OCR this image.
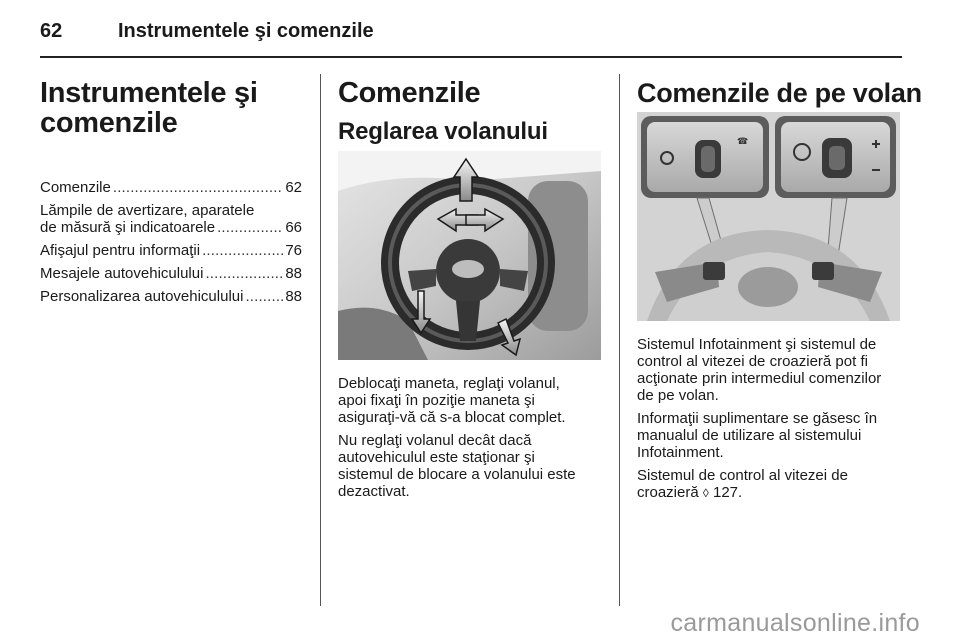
62	Instrumentele şi comenzile
Instrumentele şi
comenzile
Comenzile . . .	62
Lămpile de avertizare, aparatele
de măsură şi indicatoarele . . .	66
Afişajul pentru informaţii . . .	76
Mesajele autovehiculului . . .	88
Personalizarea autovehiculului . . .	88
Comenzile
Reglarea volanului

Deblocaţi maneta, reglaţi volanul,
apoi fixaţi în poziţie maneta şi
asiguraţi-vă că s-a blocat complet.

Nu reglaţi volanul decât dacă
autovehiculul este staţionar şi
sistemul de blocare a volanului este
dezactivat.

Comenzile de pe volan
☎

Sistemul Infotainment şi sistemul de
control al vitezei de croazieră pot fi
acţionate prin intermediul comenzilor
de pe volan.

Informaţii suplimentare se găsesc în
manualul de utilizare al sistemului
Infotainment.

Sistemul de control al vitezei de
croazieră ◊ 127.

carmanualsonline.info
